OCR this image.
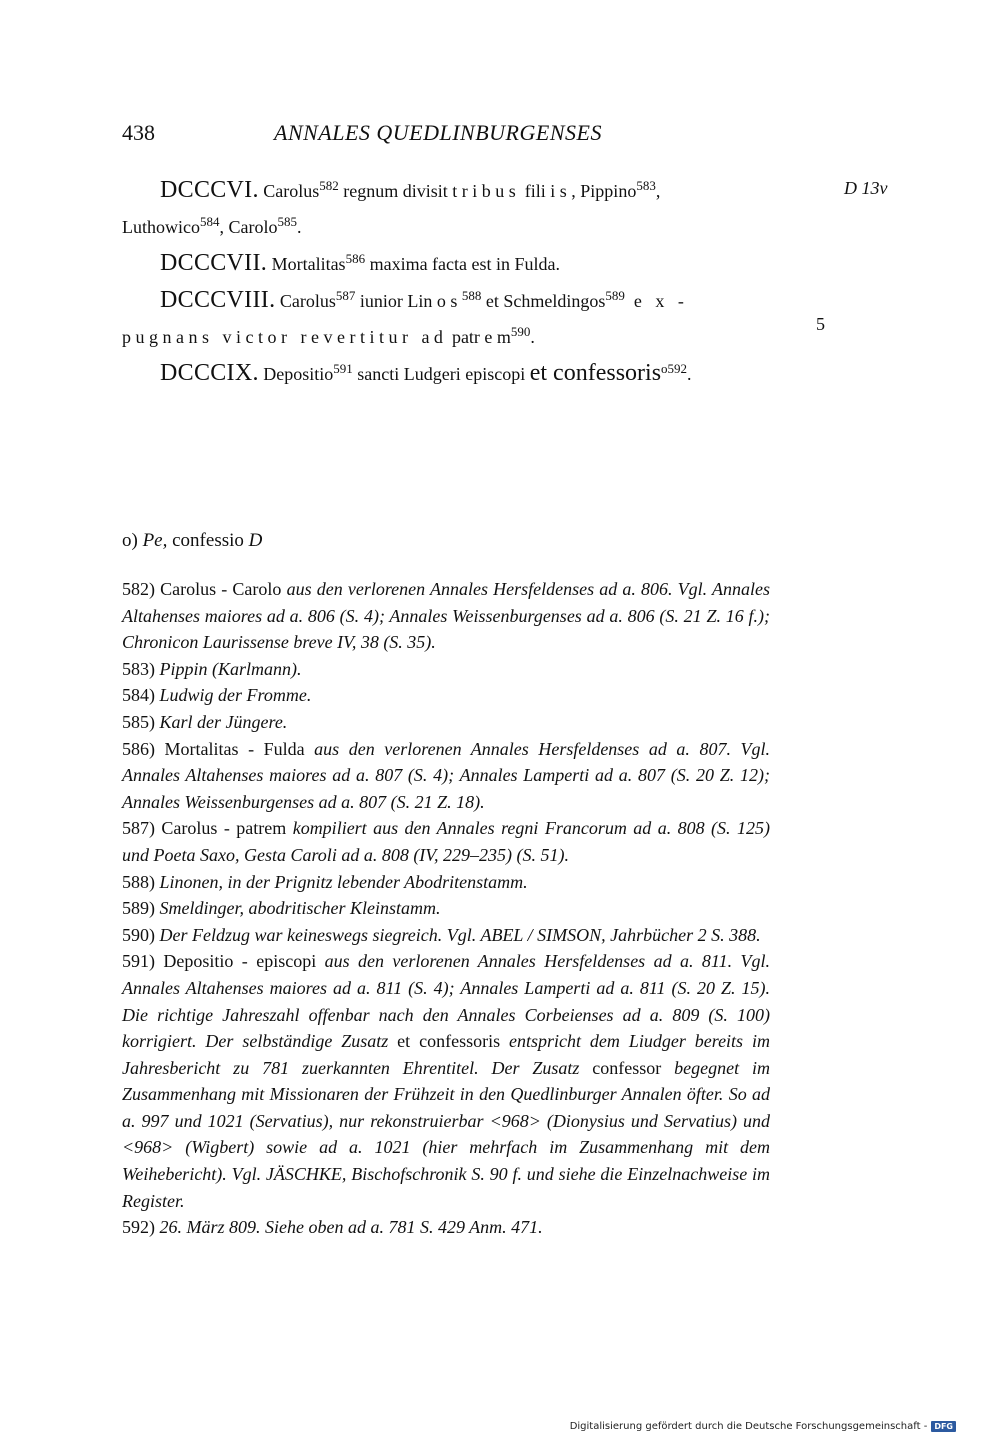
438	ANNALES QUEDLINBURGENSES
D 13v
5
DCCCVI. Carolus$^{582}$ regnum divisit tribus fili i s , Pippino$^{583}$,
Luthowico$^{584}$, Carolo$^{585}$.
DCCCVII. Mortalitas$^{586}$ maxima facta est in Fulda.
DCCCVIII. Carolus$^{587}$ iunior Lin o s $^{588}$ et Schmeldingos$^{589}$ e x -
pugnans victor revertitur ad patr e $m^{590}$.
DCCCIX. Depositio$^{591}$ sancti Ludgeri episcopi et confessoris$^{o592}$.
o) Pe, confessio D

582) Carolus - Carolo aus den verlorenen Annales Hersfeldenses ad a. 806. Vgl. Annales Altahenses maiores ad a. 806 (S. 4); Annales Weissenburgenses ad a. 806 (S. 21 Z. 16 f.); Chronicon Laurissense breve IV, 38 (S. 35).

583) Pippin (Karlmann).

584) Ludwig der Fromme.

585) Karl der Jüngere.

586) Mortalitas - Fulda aus den verlorenen Annales Hersfeldenses ad a. 807. Vgl. Annales Altahenses maiores ad a. 807 (S. 4); Annales Lamperti ad a. 807 (S. 20 Z. 12); Annales Weissenburgenses ad a. 807 (S. 21 Z. 18).

587) Carolus - patrem kompiliert aus den Annales regni Francorum ad a. 808 (S. 125) und Poeta Saxo, Gesta Caroli ad a. 808 (IV, 229–235) (S. 51).

588) Linonen, in der Prignitz lebender Abodritenstamm.

589) Smeldinger, abodritischer Kleinstamm.

590) Der Feldzug war keineswegs siegreich. Vgl. ABEL / SIMSON, Jahrbücher 2 S. 388.

591) Depositio - episcopi aus den verlorenen Annales Hersfeldenses ad a. 811. Vgl. Annales Altahenses maiores ad a. 811 (S. 4); Annales Lamperti ad a. 811 (S. 20 Z. 15). Die richtige Jahreszahl offenbar nach den Annales Corbeienses ad a. 809 (S. 100) korrigiert. Der selbständige Zusatz et confessoris entspricht dem Liudger bereits im Jahresbericht zu 781 zuerkannten Ehrentitel. Der Zusatz confessor begegnet im Zusammenhang mit Missionaren der Frühzeit in den Quedlinburger Annalen öfter. So ad a. 997 und 1021 (Servatius), nur rekonstruierbar <968> (Dionysius und Servatius) und <968> (Wigbert) sowie ad a. 1021 (hier mehrfach im Zusammenhang mit dem Weihebericht). Vgl. JÄSCHKE, Bischofschronik S. 90 f. und siehe die Einzelnachweise im Register.

592) 26. März 809. Siehe oben ad a. 781 S. 429 Anm. 471.

Digitalisierung gefördert durch die Deutsche Forschungsgemeinschaft - DFG
